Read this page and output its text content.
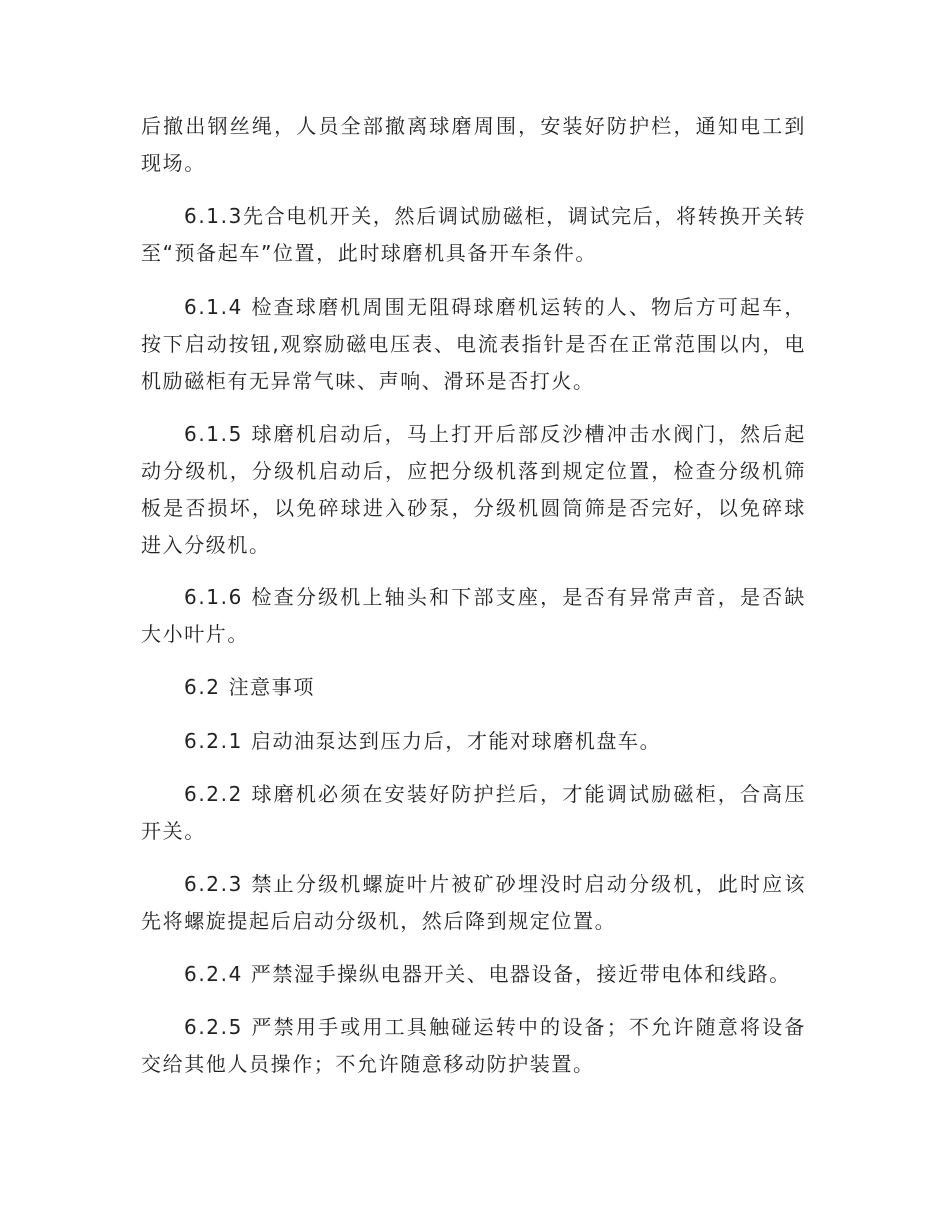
后撤出钢丝绳，人员全部撤离球磨周围，安装好防护栏，通知电工到现场。

6.1.3先合电机开关，然后调试励磁柜，调试完后，将转换开关转至“预备起车”位置，此时球磨机具备开车条件。

6.1.4 检查球磨机周围无阻碍球磨机运转的人、物后方可起车，按下启动按钮,观察励磁电压表、电流表指针是否在正常范围以内，电机励磁柜有无异常气味、声响、滑环是否打火。

6.1.5 球磨机启动后，马上打开后部反沙槽冲击水阀门，然后起动分级机，分级机启动后，应把分级机落到规定位置，检查分级机筛板是否损坏，以免碎球进入砂泵，分级机圆筒筛是否完好，以免碎球进入分级机。

6.1.6 检查分级机上轴头和下部支座，是否有异常声音，是否缺大小叶片。

6.2 注意事项

6.2.1 启动油泵达到压力后，才能对球磨机盘车。

6.2.2 球磨机必须在安装好防护拦后，才能调试励磁柜，合高压开关。

6.2.3 禁止分级机螺旋叶片被矿砂埋没时启动分级机，此时应该先将螺旋提起后启动分级机，然后降到规定位置。

6.2.4 严禁湿手操纵电器开关、电器设备，接近带电体和线路。

6.2.5 严禁用手或用工具触碰运转中的设备；不允许随意将设备交给其他人员操作；不允许随意移动防护装置。
